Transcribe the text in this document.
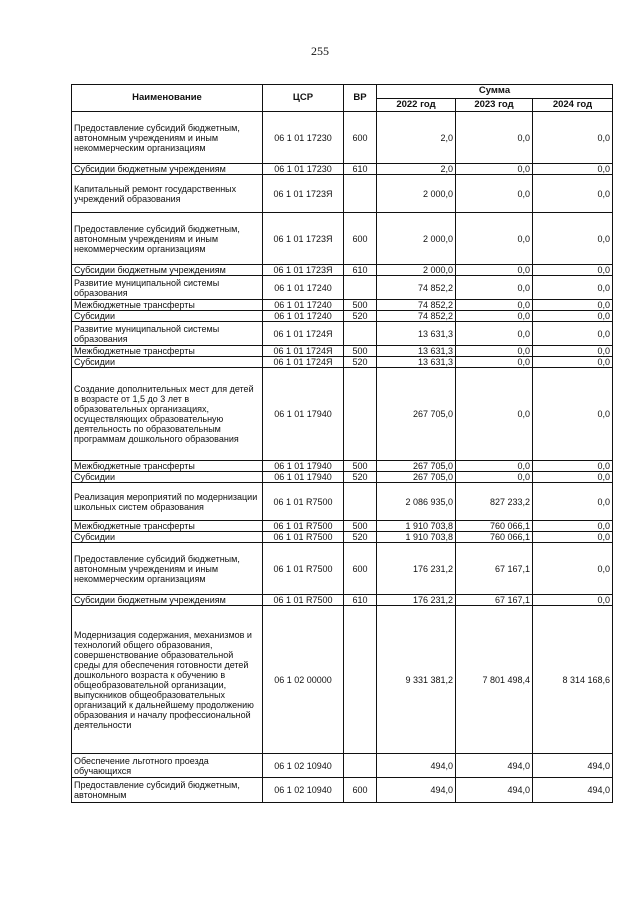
255
Наименование	ЦСР	ВР	Сумма		
			2022 год	2023 год	2024 год
Предоставление субсидий бюджетным, автономным учреждениям и иным некоммерческим организациям	06 1 01 17230	600	2,0	0,0	0,0
Субсидии бюджетным учреждениям	06 1 01 17230	610	2,0	0,0	0,0
Капитальный ремонт государственных учреждений образования	06 1 01 1723Я		2 000,0	0,0	0,0
Предоставление субсидий бюджетным, автономным учреждениям и иным некоммерческим организациям	06 1 01 1723Я	600	2 000,0	0,0	0,0
Субсидии бюджетным учреждениям	06 1 01 1723Я	610	2 000,0	0,0	0,0
Развитие муниципальной системы образования	06 1 01 17240		74 852,2	0,0	0,0
Межбюджетные трансферты	06 1 01 17240	500	74 852,2	0,0	0,0
Субсидии	06 1 01 17240	520	74 852,2	0,0	0,0
Развитие муниципальной системы образования	06 1 01 1724Я		13 631,3	0,0	0,0
Межбюджетные трансферты	06 1 01 1724Я	500	13 631,3	0,0	0,0
Субсидии	06 1 01 1724Я	520	13 631,3	0,0	0,0
Создание дополнительных мест для детей в возрасте от 1,5 до 3 лет в образовательных организациях, осуществляющих образовательную деятельность по образовательным программам дошкольного образования	06 1 01 17940		267 705,0	0,0	0,0
Межбюджетные трансферты	06 1 01 17940	500	267 705,0	0,0	0,0
Субсидии	06 1 01 17940	520	267 705,0	0,0	0,0
Реализация мероприятий по модернизации школьных систем образования	06 1 01 R7500		2 086 935,0	827 233,2	0,0
Межбюджетные трансферты	06 1 01 R7500	500	1 910 703,8	760 066,1	0,0
Субсидии	06 1 01 R7500	520	1 910 703,8	760 066,1	0,0
Предоставление субсидий бюджетным, автономным учреждениям и иным некоммерческим организациям	06 1 01 R7500	600	176 231,2	67 167,1	0,0
Субсидии бюджетным учреждениям	06 1 01 R7500	610	176 231,2	67 167,1	0,0
Модернизация содержания, механизмов и технологий общего образования, совершенствование образовательной среды для обеспечения готовности детей дошкольного возраста к обучению в общеобразовательной организации, выпускников общеобразовательных организаций к дальнейшему продолжению образования и началу профессиональной деятельности	06 1 02 00000		9 331 381,2	7 801 498,4	8 314 168,6
Обеспечение льготного проезда обучающихся	06 1 02 10940		494,0	494,0	494,0
Предоставление субсидий бюджетным, автономным	06 1 02 10940	600	494,0	494,0	494,0
